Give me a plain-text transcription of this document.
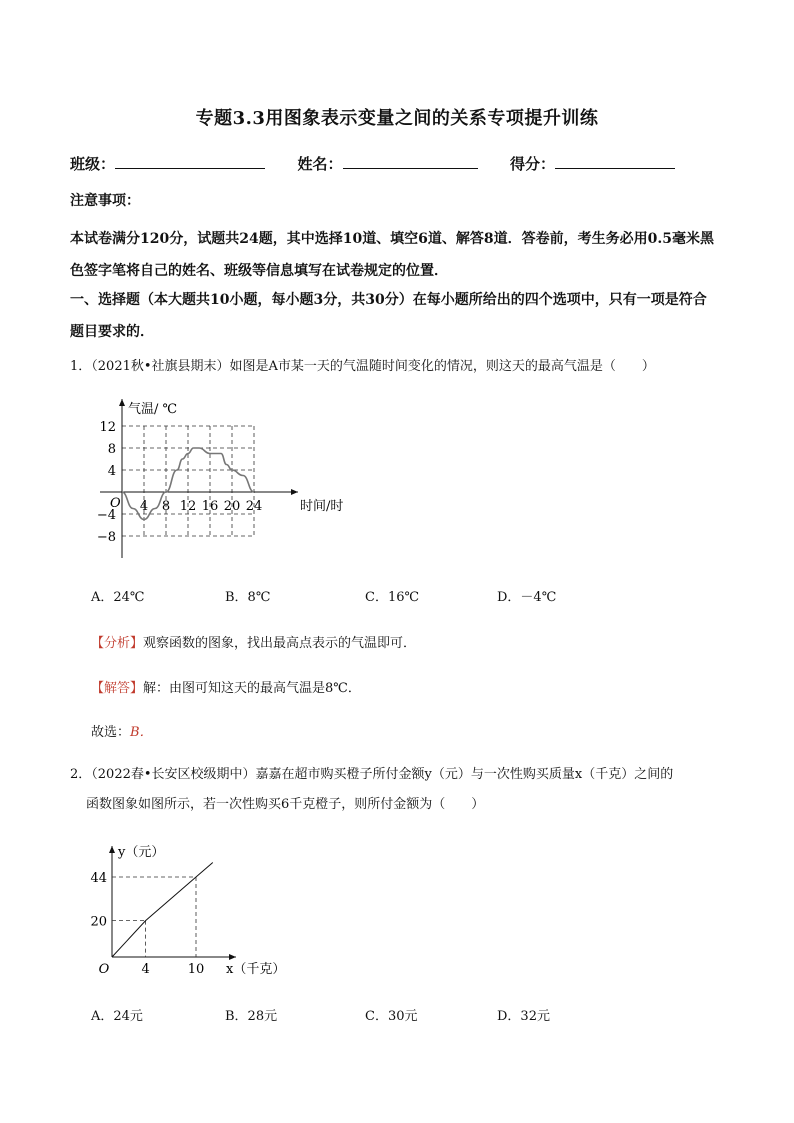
专题3.3用图象表示变量之间的关系专项提升训练
班级：	姓名：	得分：
注意事项：
本试卷满分120分，试题共24题，其中选择10道、填空6道、解答8道．答卷前，考生务必用0.5毫米黑
色签字笔将自己的姓名、班级等信息填写在试卷规定的位置．
一、选择题（本大题共10小题，每小题3分，共30分）在每小题所给出的四个选项中，只有一项是符合
题目要求的．
1．（2021秋•社旗县期末）如图是A市某一天的气温随时间变化的情况，则这天的最高气温是（　　）
气温/ ℃
时间/时
O
12
8
4
−4
−8
4 8 12 16 20 24
A．24℃	B．8℃	C．16℃	D．－4℃
【分析】观察函数的图象，找出最高点表示的气温即可．
【解答】解：由图可知这天的最高气温是8℃．
故选：B．
2．（2022春•长安区校级期中）嘉嘉在超市购买橙子所付金额y（元）与一次性购买质量x（千克）之间的
函数图象如图所示，若一次性购买6千克橙子，则所付金额为（　　）
y（元）
x（千克）
O
44
20
4	10
A．24元	B．28元	C．30元	D．32元
